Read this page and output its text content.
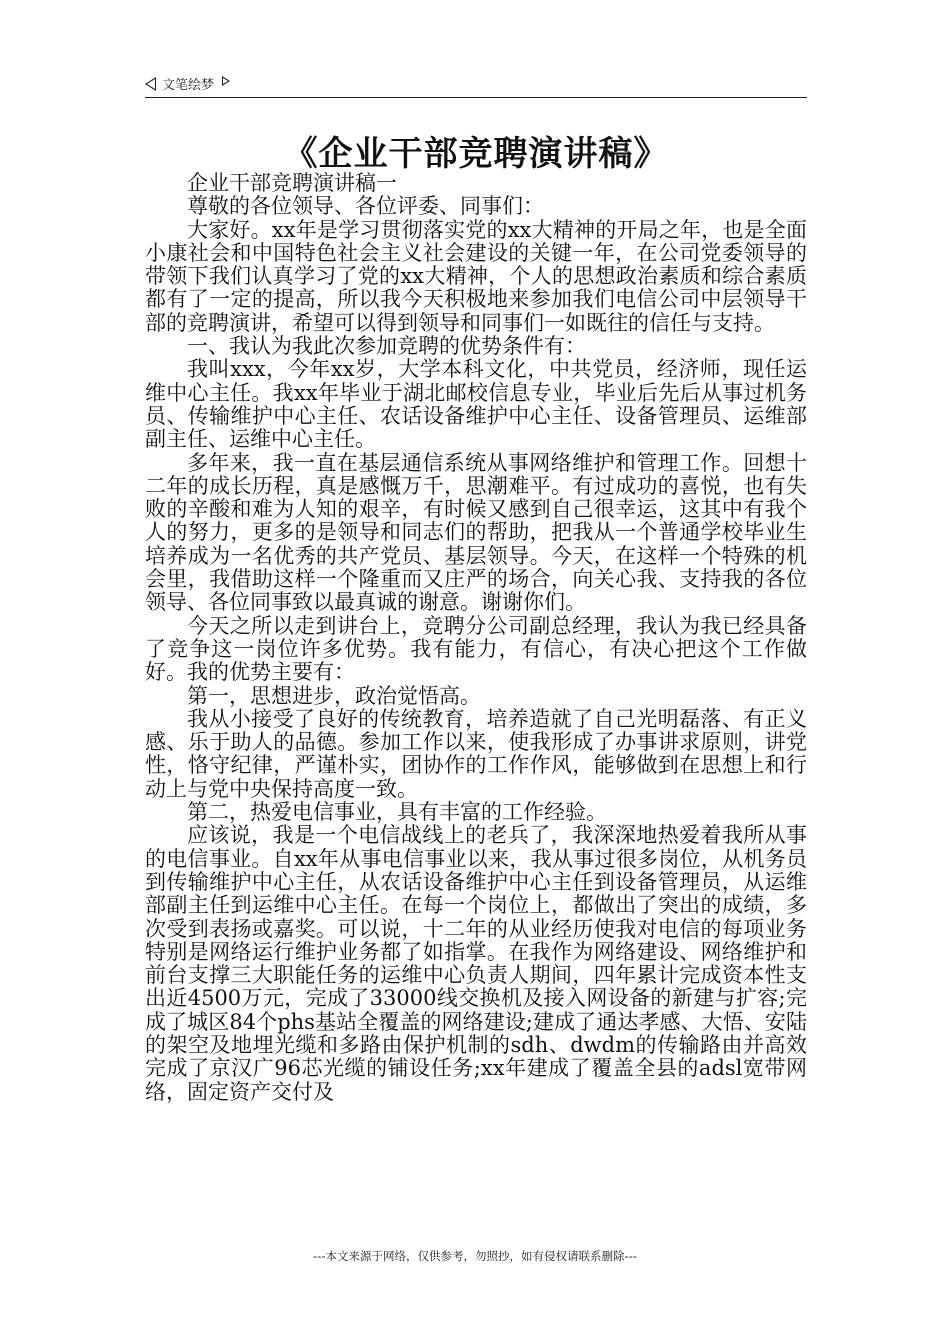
文笔绘梦
《企业干部竞聘演讲稿》

企业干部竞聘演讲稿一

尊敬的各位领导、各位评委、同事们：

大家好。xx年是学习贯彻落实党的xx大精神的开局之年，也是全面小康社会和中国特色社会主义社会建设的关键一年，在公司党委领导的带领下我们认真学习了党的xx大精神，个人的思想政治素质和综合素质都有了一定的提高，所以我今天积极地来参加我们电信公司中层领导干部的竞聘演讲，希望可以得到领导和同事们一如既往的信任与支持。

一、我认为我此次参加竞聘的优势条件有：

我叫xxx，今年xx岁，大学本科文化，中共党员，经济师，现任运维中心主任。我xx年毕业于湖北邮校信息专业，毕业后先后从事过机务员、传输维护中心主任、农话设备维护中心主任、设备管理员、运维部副主任、运维中心主任。

多年来，我一直在基层通信系统从事网络维护和管理工作。回想十二年的成长历程，真是感慨万千，思潮难平。有过成功的喜悦，也有失败的辛酸和难为人知的艰辛，有时候又感到自己很幸运，这其中有我个人的努力，更多的是领导和同志们的帮助，把我从一个普通学校毕业生培养成为一名优秀的共产党员、基层领导。今天，在这样一个特殊的机会里，我借助这样一个隆重而又庄严的场合，向关心我、支持我的各位领导、各位同事致以最真诚的谢意。谢谢你们。

今天之所以走到讲台上，竞聘分公司副总经理，我认为我已经具备了竞争这一岗位许多优势。我有能力，有信心，有决心把这个工作做好。我的优势主要有：

第一，思想进步，政治觉悟高。

我从小接受了良好的传统教育，培养造就了自己光明磊落、有正义感、乐于助人的品德。参加工作以来，使我形成了办事讲求原则，讲党性，恪守纪律，严谨朴实，团协作的工作作风，能够做到在思想上和行动上与党中央保持高度一致。

第二，热爱电信事业，具有丰富的工作经验。

应该说，我是一个电信战线上的老兵了，我深深地热爱着我所从事的电信事业。自xx年从事电信事业以来，我从事过很多岗位，从机务员到传输维护中心主任，从农话设备维护中心主任到设备管理员，从运维部副主任到运维中心主任。在每一个岗位上，都做出了突出的成绩，多次受到表扬或嘉奖。可以说，十二年的从业经历使我对电信的每项业务特别是网络运行维护业务都了如指掌。在我作为网络建设、网络维护和前台支撑三大职能任务的运维中心负责人期间，四年累计完成资本性支出近4500万元，完成了33000线交换机及接入网设备的新建与扩容;完成了城区84个phs基站全覆盖的网络建设;建成了通达孝感、大悟、安陆的架空及地埋光缆和多路由保护机制的sdh、dwdm的传输路由并高效完成了京汉广96芯光缆的铺设任务;xx年建成了覆盖全县的adsl宽带网络，固定资产交付及

---本文来源于网络，仅供参考，勿照抄，如有侵权请联系删除---
